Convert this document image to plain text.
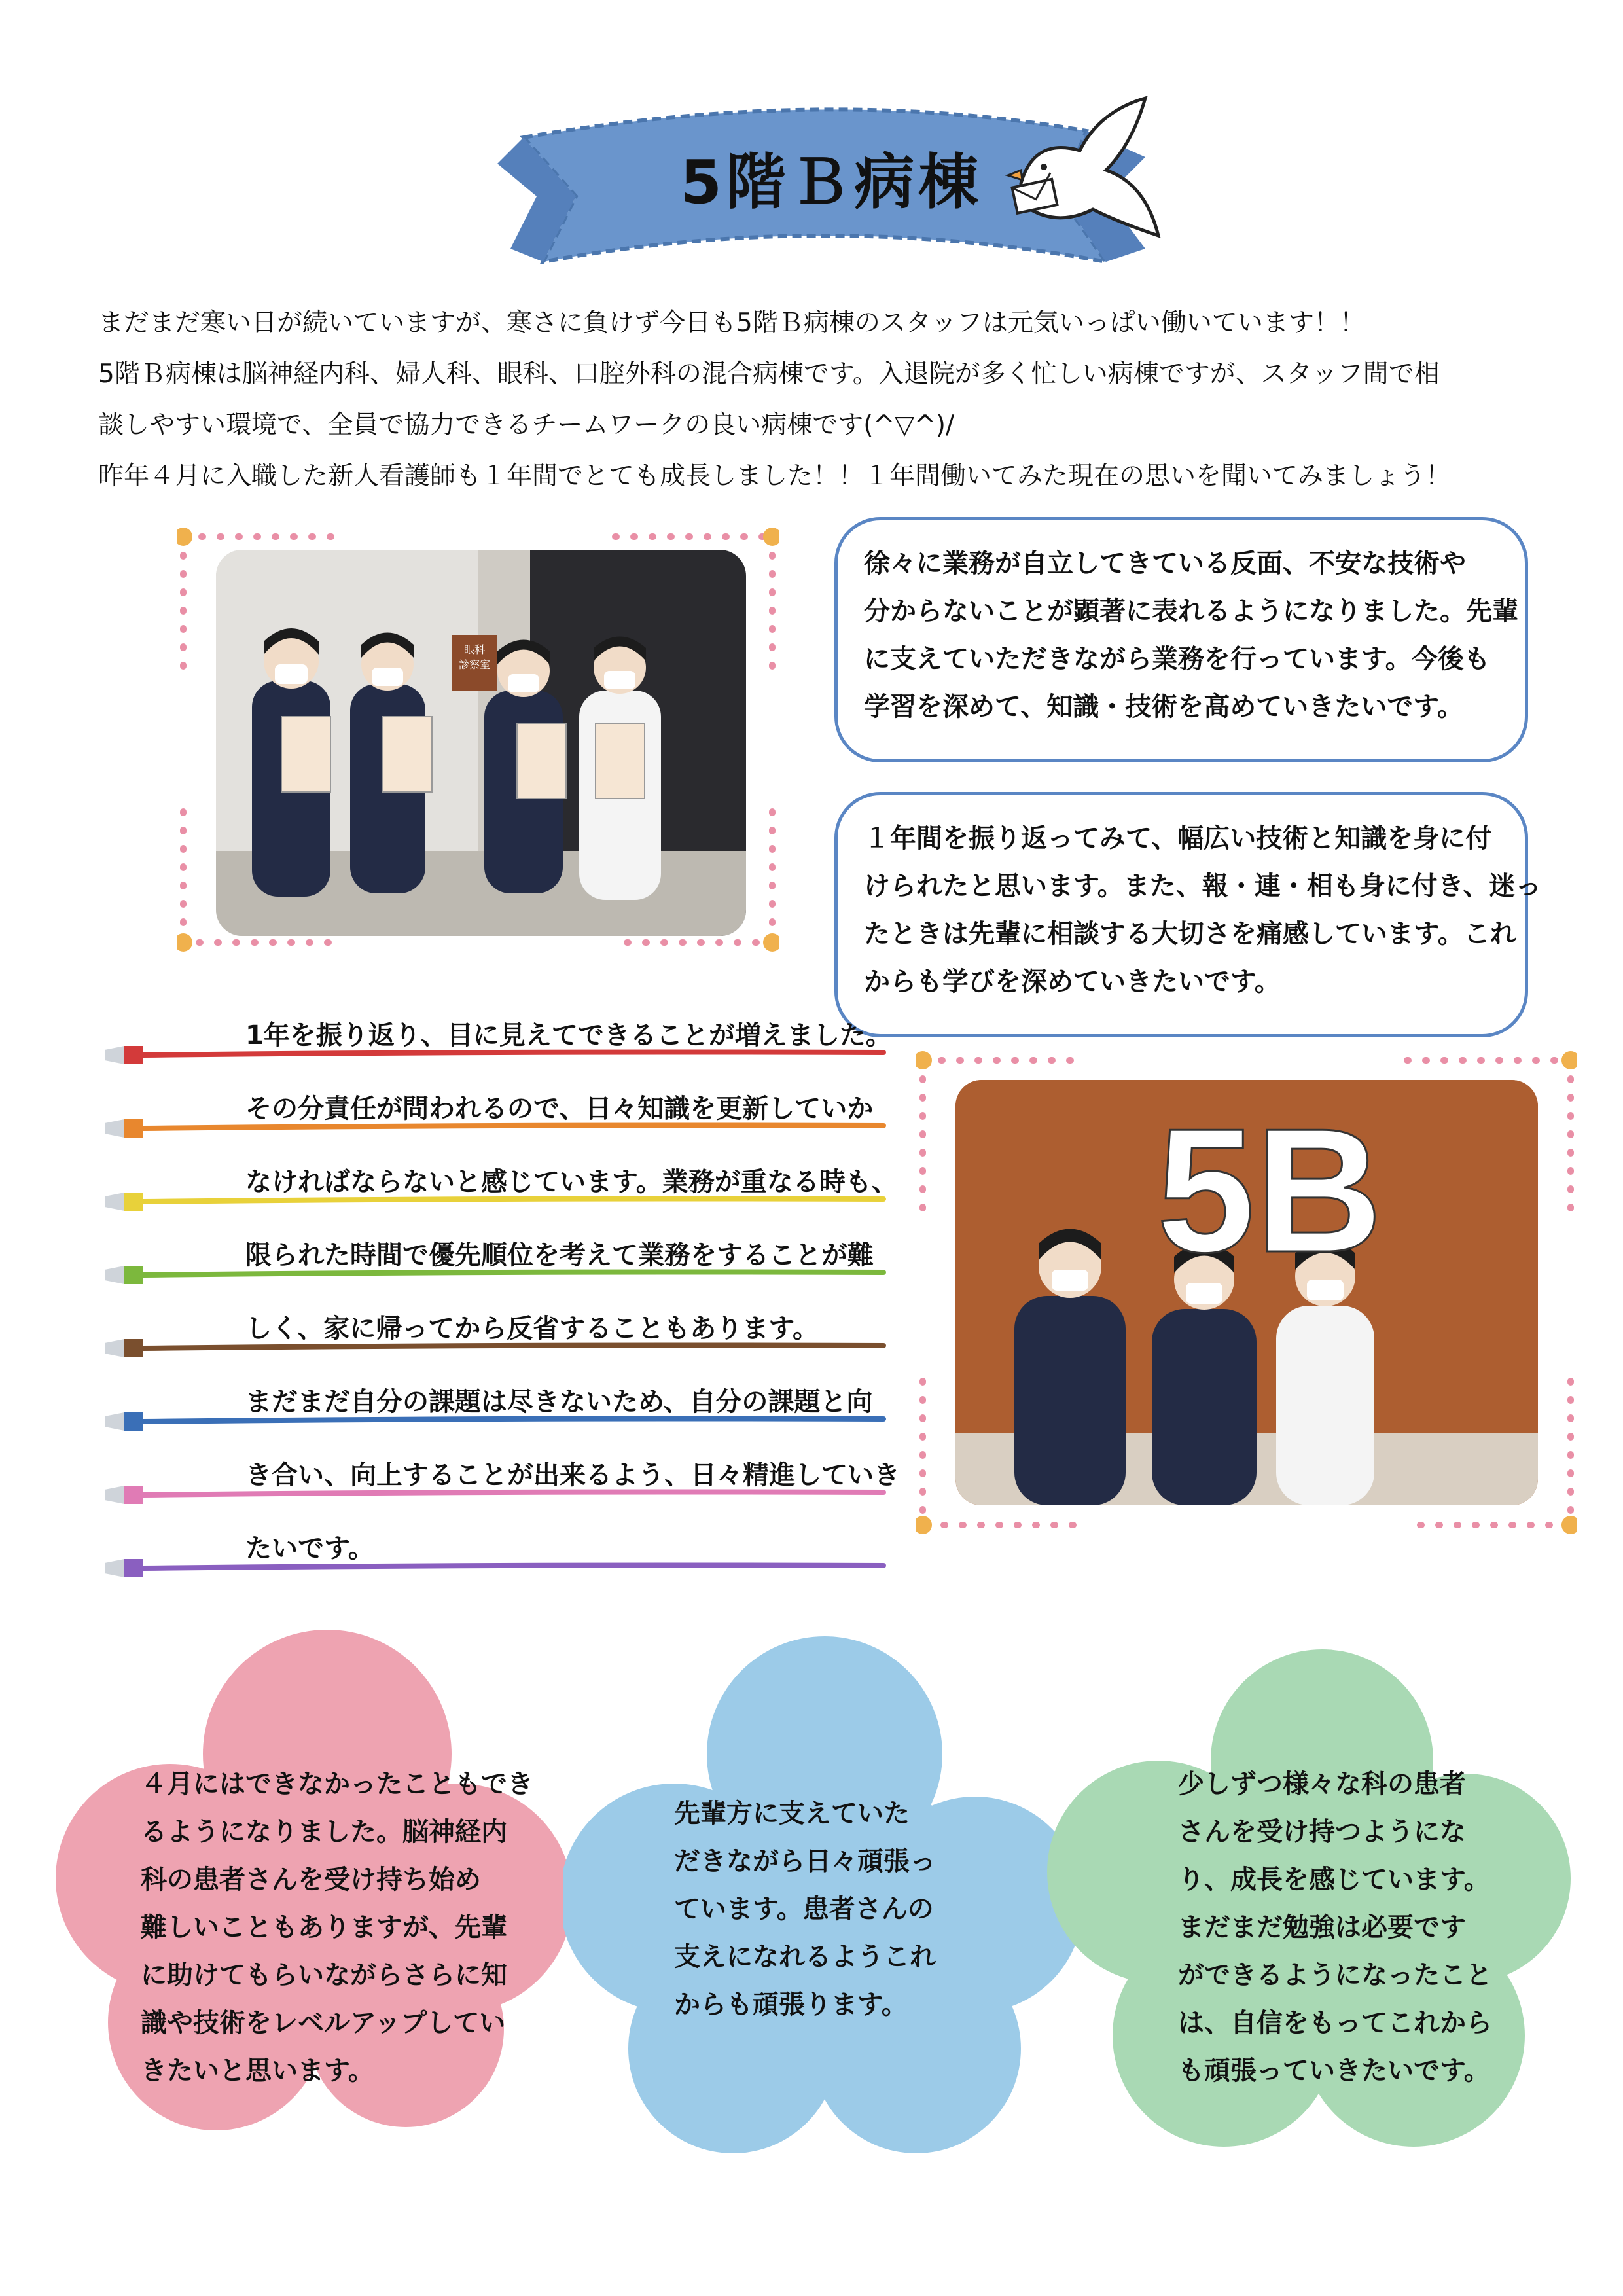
5階Ｂ病棟

まだまだ寒い日が続いていますが、寒さに負けず今日も5階Ｂ病棟のスタッフは元気いっぱい働いています！！

5階Ｂ病棟は脳神経内科、婦人科、眼科、口腔外科の混合病棟です。入退院が多く忙しい病棟ですが、スタッフ間で相

談しやすい環境で、全員で協力できるチームワークの良い病棟です(^▽^)/

昨年４月に入職した新人看護師も１年間でとても成長しました！！１年間働いてみた現在の思いを聞いてみましょう！

眼科
診察室

徐々に業務が自立してきている反面、不安な技術や

分からないことが顕著に表れるようになりました。先輩

に支えていただきながら業務を行っています。今後も

学習を深めて、知識・技術を高めていきたいです。

１年間を振り返ってみて、幅広い技術と知識を身に付

けられたと思います。また、報・連・相も身に付き、迷っ

たときは先輩に相談する大切さを痛感しています。これ

からも学びを深めていきたいです。

1年を振り返り、目に見えてできることが増えました。
その分責任が問われるので、日々知識を更新していか
なければならないと感じています。業務が重なる時も、
限られた時間で優先順位を考えて業務をすることが難
しく、家に帰ってから反省することもあります。
まだまだ自分の課題は尽きないため、自分の課題と向
き合い、向上することが出来るよう、日々精進していき
たいです。
5B

４月にはできなかったこともでき

るようになりました。脳神経内

科の患者さんを受け持ち始め

難しいこともありますが、先輩

に助けてもらいながらさらに知

識や技術をレベルアップしてい

きたいと思います。

先輩方に支えていた

だきながら日々頑張っ

ています。患者さんの

支えになれるようこれ

からも頑張ります。

少しずつ様々な科の患者

さんを受け持つようにな

り、成長を感じています。

まだまだ勉強は必要です

ができるようになったこと

は、自信をもってこれから

も頑張っていきたいです。
